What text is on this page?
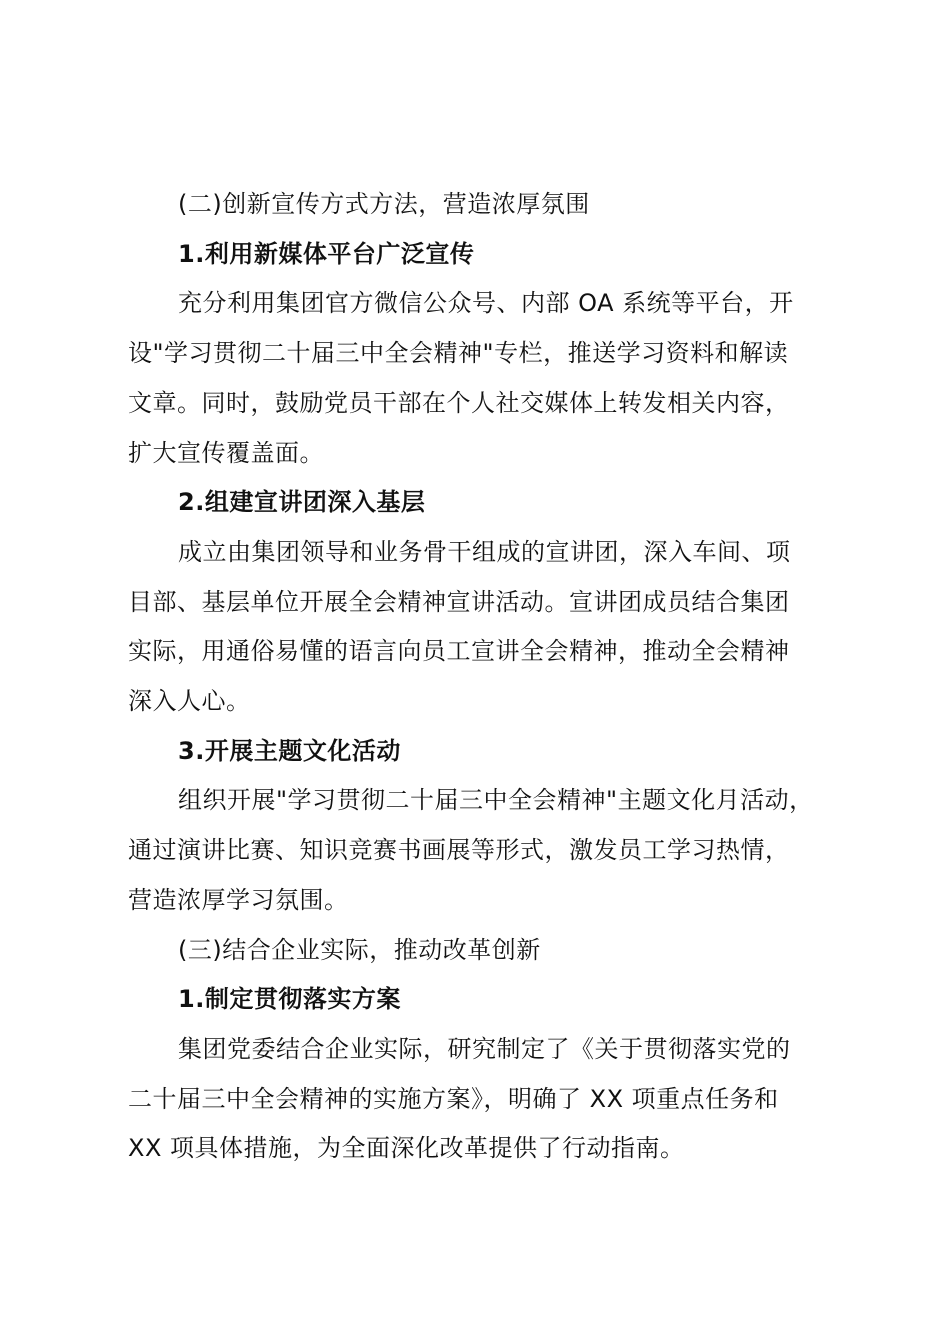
(二)创新宣传方式方法，营造浓厚氛围
1.利用新媒体平台广泛宣传
充分利用集团官方微信公众号、内部 OA 系统等平台，开
设"学习贯彻二十届三中全会精神"专栏，推送学习资料和解读
文章。同时，鼓励党员干部在个人社交媒体上转发相关内容，
扩大宣传覆盖面。
2.组建宣讲团深入基层
成立由集团领导和业务骨干组成的宣讲团，深入车间、项
目部、基层单位开展全会精神宣讲活动。宣讲团成员结合集团
实际，用通俗易懂的语言向员工宣讲全会精神，推动全会精神
深入人心。
3.开展主题文化活动
组织开展"学习贯彻二十届三中全会精神"主题文化月活动，
通过演讲比赛、知识竞赛书画展等形式，激发员工学习热情，
营造浓厚学习氛围。
(三)结合企业实际，推动改革创新
1.制定贯彻落实方案
集团党委结合企业实际，研究制定了《关于贯彻落实党的
二十届三中全会精神的实施方案》，明确了 XX 项重点任务和
XX 项具体措施，为全面深化改革提供了行动指南。
